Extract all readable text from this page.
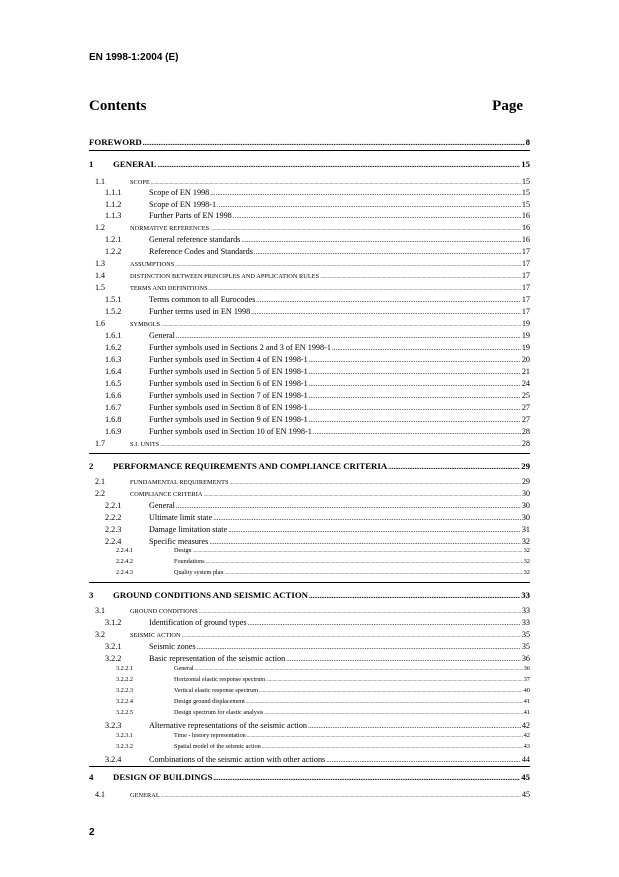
EN 1998-1:2004 (E)
Contents	Page
FOREWORD .....	8
1	GENERAL .....	15
1.1	SCOPE .....	15
1.1.1	Scope of EN 1998 .....	15
1.1.2	Scope of EN 1998-1 .....	15
1.1.3	Further Parts of EN 1998 .....	16
1.2	NORMATIVE REFERENCES .....	16
1.2.1	General reference standards .....	16
1.2.2	Reference Codes and Standards .....	17
1.3	ASSUMPTIONS .....	17
1.4	DISTINCTION BETWEEN PRINCIPLES AND APPLICATION RULES .....	17
1.5	TERMS AND DEFINITIONS .....	17
1.5.1	Terms common to all Eurocodes .....	17
1.5.2	Further terms used in EN 1998 .....	17
1.6	SYMBOLS .....	19
1.6.1	General .....	19
1.6.2	Further symbols used in Sections 2 and 3 of EN 1998-1 .....	19
1.6.3	Further symbols used in Section 4 of EN 1998-1 .....	20
1.6.4	Further symbols used in Section 5 of EN 1998-1 .....	21
1.6.5	Further symbols used in Section 6 of EN 1998-1 .....	24
1.6.6	Further symbols used in Section 7 of EN 1998-1 .....	25
1.6.7	Further symbols used in Section 8 of EN 1998-1 .....	27
1.6.8	Further symbols used in Section 9 of EN 1998-1 .....	27
1.6.9	Further symbols used in Section 10 of EN 1998-1 .....	28
1.7	S.I. UNITS .....	28
2	PERFORMANCE REQUIREMENTS AND COMPLIANCE CRITERIA .....	29
2.1	FUNDAMENTAL REQUIREMENTS .....	29
2.2	COMPLIANCE CRITERIA .....	30
2.2.1	General .....	30
2.2.2	Ultimate limit state .....	30
2.2.3	Damage limitation state .....	31
2.2.4	Specific measures .....	32
2.2.4.1	Design .....	32
2.2.4.2	Foundations .....	32
2.2.4.3	Quality system plan .....	32
3	GROUND CONDITIONS AND SEISMIC ACTION .....	33
3.1	GROUND CONDITIONS .....	33
3.1.2	Identification of ground types .....	33
3.2	SEISMIC ACTION .....	35
3.2.1	Seismic zones .....	35
3.2.2	Basic representation of the seismic action .....	36
3.2.2.1	General .....	36
3.2.2.2	Horizontal elastic response spectrum .....	37
3.2.2.3	Vertical elastic response spectrum .....	40
3.2.2.4	Design ground displacement .....	41
3.2.2.5	Design spectrum for elastic analysis .....	41
3.2.3	Alternative representations of the seismic action .....	42
3.2.3.1	Time - history representation .....	42
3.2.3.2	Spatial model of the seismic action .....	43
3.2.4	Combinations of the seismic action with other actions .....	44
4	DESIGN OF BUILDINGS .....	45
4.1	GENERAL .....	45
2
